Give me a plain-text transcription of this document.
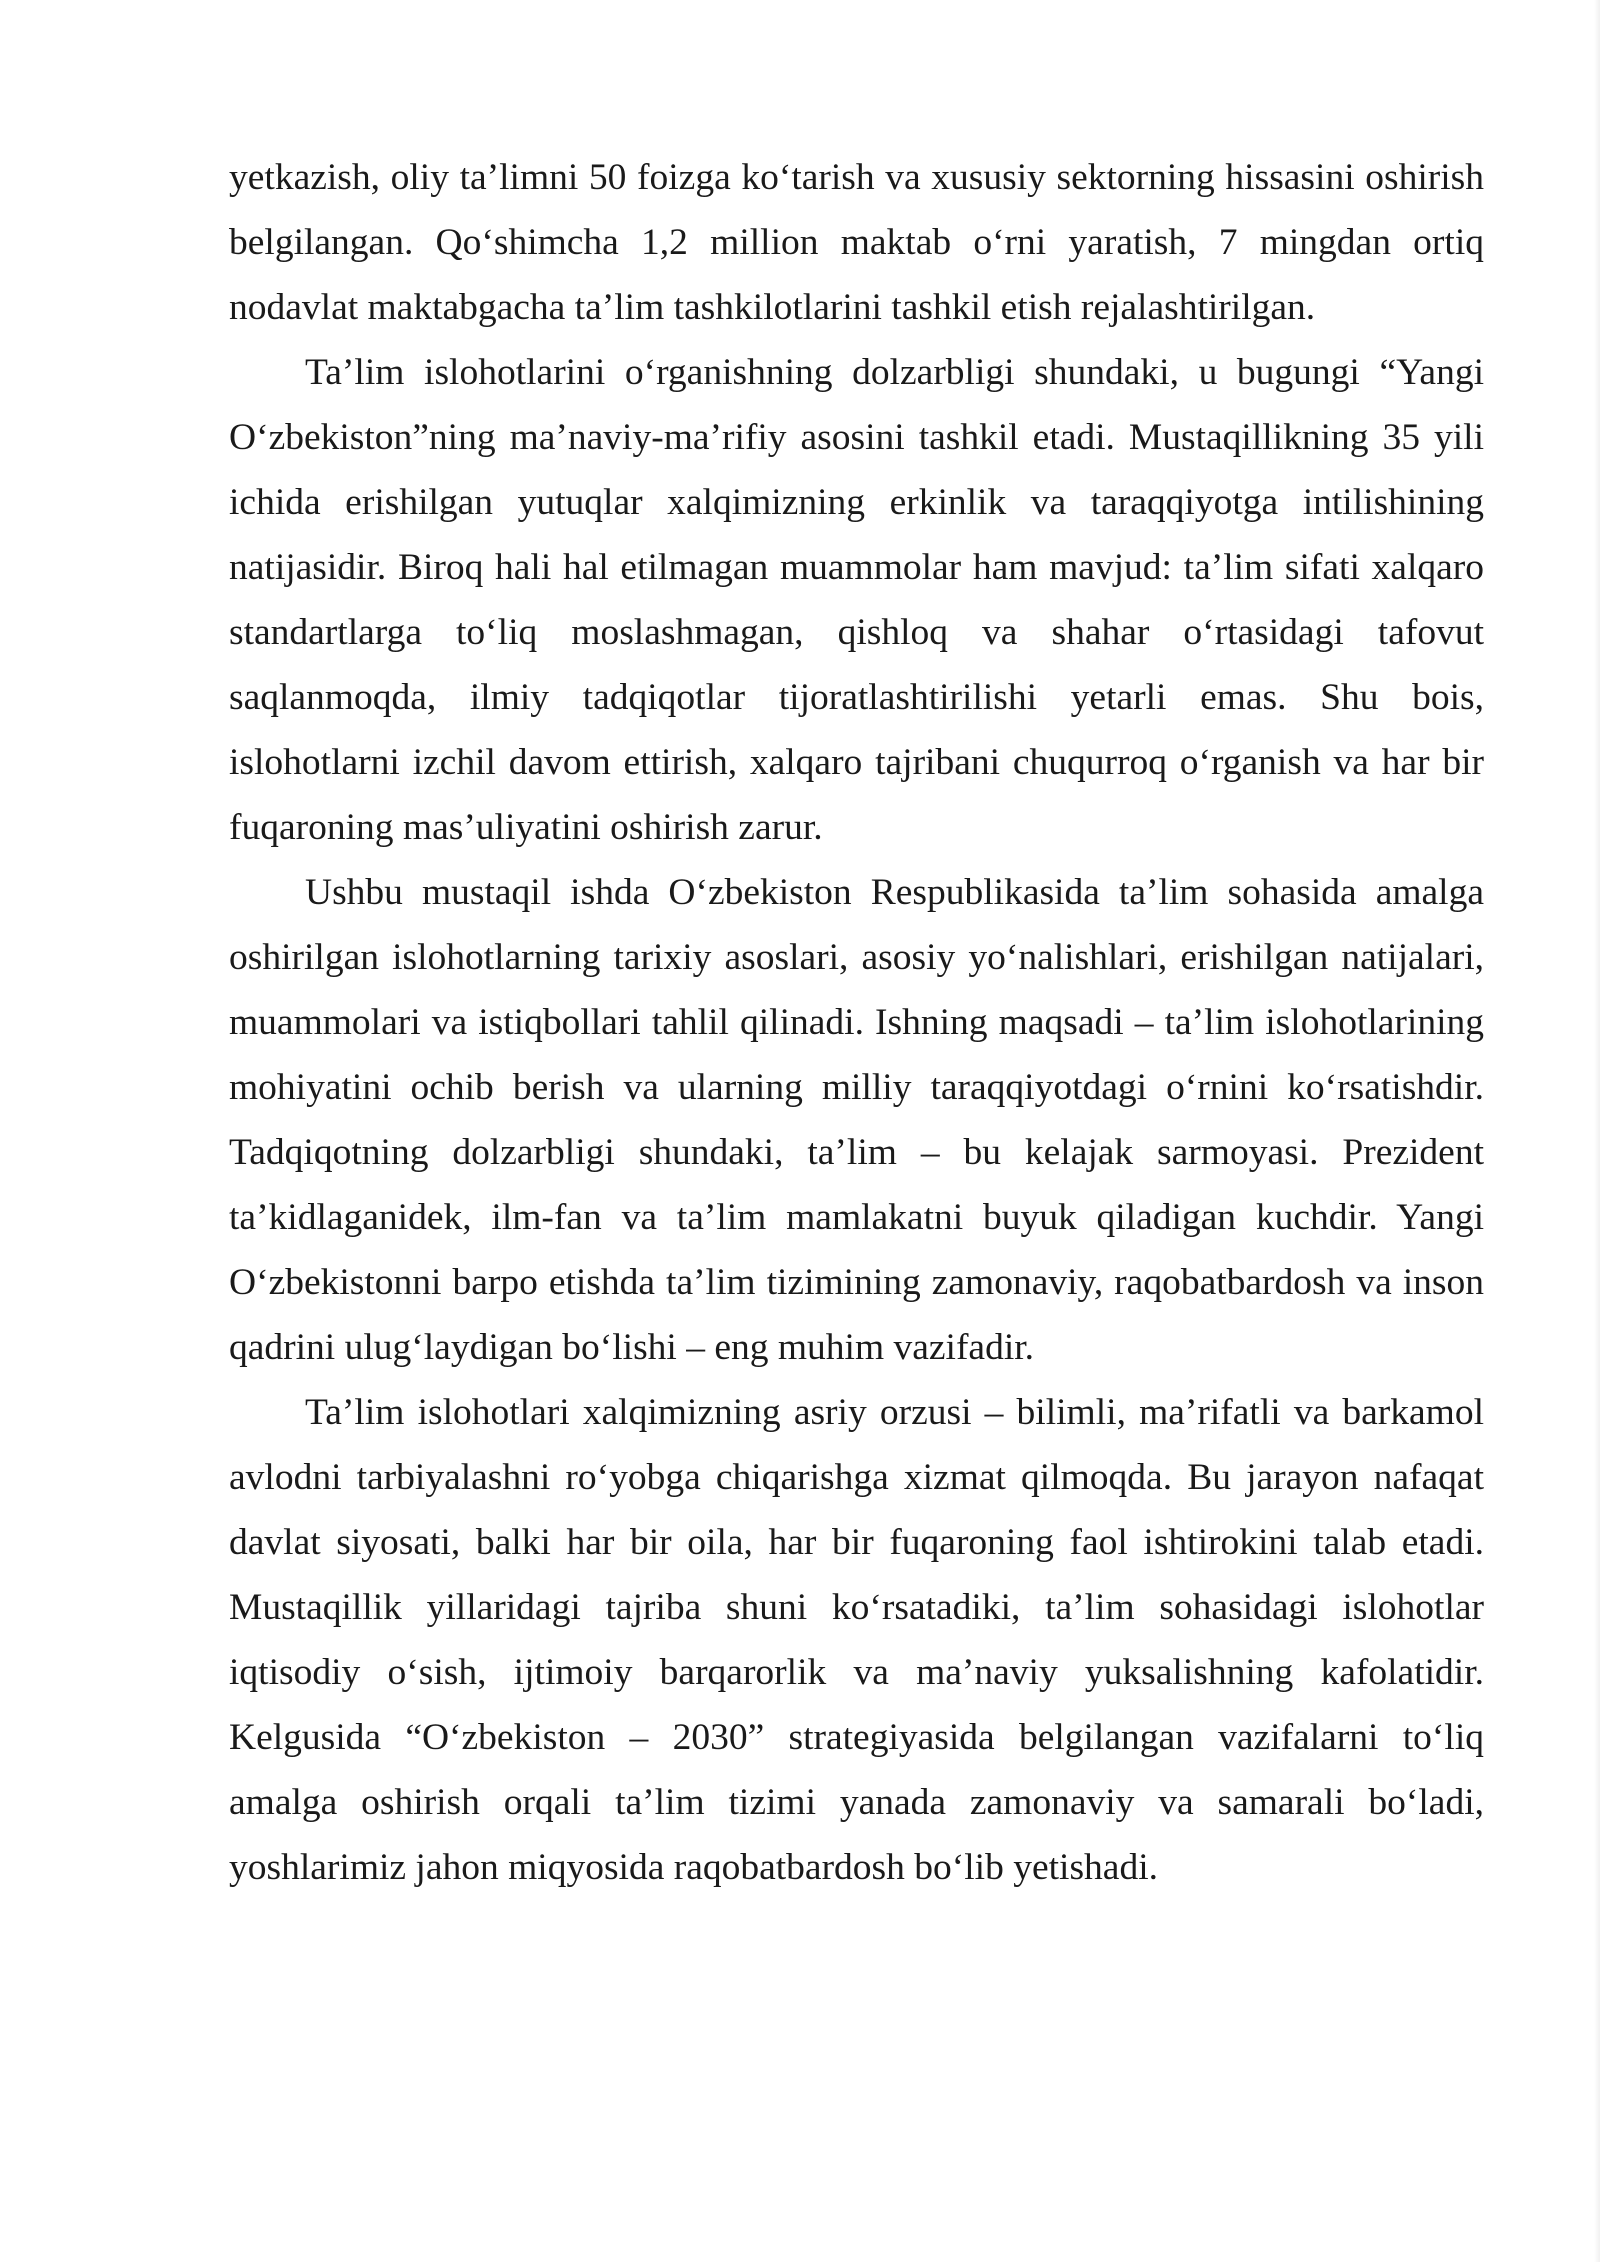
yetkazish, oliy ta’limni 50 foizga ko‘tarish va xususiy sektorning hissasini oshirish belgilangan. Qo‘shimcha 1,2 million maktab o‘rni yaratish, 7 mingdan ortiq nodavlat maktabgacha ta’lim tashkilotlarini tashkil etish rejalashtirilgan.

Ta’lim islohotlarini o‘rganishning dolzarbligi shundaki, u bugungi “Yangi O‘zbekiston”ning ma’naviy-ma’rifiy asosini tashkil etadi. Mustaqillikning 35 yili ichida erishilgan yutuqlar xalqimizning erkinlik va taraqqiyotga intilishining natijasidir. Biroq hali hal etilmagan muammolar ham mavjud: ta’lim sifati xalqaro standartlarga to‘liq moslashmagan, qishloq va shahar o‘rtasidagi tafovut saqlanmoqda, ilmiy tadqiqotlar tijoratlashtirilishi yetarli emas. Shu bois, islohotlarni izchil davom ettirish, xalqaro tajribani chuqurroq o‘rganish va har bir fuqaroning mas’uliyatini oshirish zarur.

Ushbu mustaqil ishda O‘zbekiston Respublikasida ta’lim sohasida amalga oshirilgan islohotlarning tarixiy asoslari, asosiy yo‘nalishlari, erishilgan natijalari, muammolari va istiqbollari tahlil qilinadi. Ishning maqsadi – ta’lim islohotlarining mohiyatini ochib berish va ularning milliy taraqqiyotdagi o‘rnini ko‘rsatishdir. Tadqiqotning dolzarbligi shundaki, ta’lim – bu kelajak sarmoyasi. Prezident ta’kidlaganidek, ilm-fan va ta’lim mamlakatni buyuk qiladigan kuchdir. Yangi O‘zbekistonni barpo etishda ta’lim tizimining zamonaviy, raqobatbardosh va inson qadrini ulug‘laydigan bo‘lishi – eng muhim vazifadir.

Ta’lim islohotlari xalqimizning asriy orzusi – bilimli, ma’rifatli va barkamol avlodni tarbiyalashni ro‘yobga chiqarishga xizmat qilmoqda. Bu jarayon nafaqat davlat siyosati, balki har bir oila, har bir fuqaroning faol ishtirokini talab etadi. Mustaqillik yillaridagi tajriba shuni ko‘rsatadiki, ta’lim sohasidagi islohotlar iqtisodiy o‘sish, ijtimoiy barqarorlik va ma’naviy yuksalishning kafolatidir. Kelgusida “O‘zbekiston – 2030” strategiyasida belgilangan vazifalarni to‘liq amalga oshirish orqali ta’lim tizimi yanada zamonaviy va samarali bo‘ladi, yoshlarimiz jahon miqyosida raqobatbardosh bo‘lib yetishadi.
